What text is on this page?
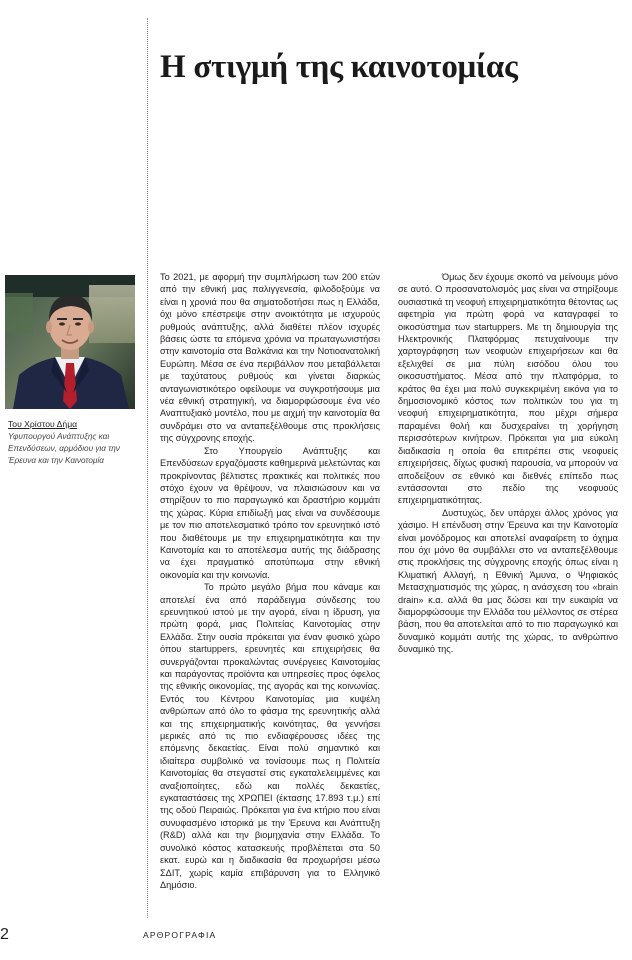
Η στιγμή της καινοτομίας
Του Χρίστου Δήμα
Υφυπουργού Ανάπτυξης και Επενδύσεων, αρμόδιου για την Έρευνα και την Καινοτομία

Το 2021, με αφορμή την συμπλήρωση των 200 ετών από την εθνική μας παλιγγενεσία, φιλοδοξούμε να είναι η χρονιά που θα σηματοδοτήσει πως η Ελλάδα, όχι μόνο επέστρεψε στην ανοικτότητα με ισχυρούς ρυθμούς ανάπτυξης, αλλά διαθέτει πλέον ισχυρές βάσεις ώστε τα επόμενα χρόνια να πρωταγωνιστήσει στην καινοτομία στα Βαλκάνια και την Νοτιοανατολική Ευρώπη. Μέσα σε ένα περιβάλλον που μεταβάλλεται με ταχύτατους ρυθμούς και γίνεται διαρκώς ανταγωνιστικότερο οφείλουμε να συγκροτήσουμε μια νέα εθνική στρατηγική, να διαμορφώσουμε ένα νέο Αναπτυξιακό μοντέλο, που με αιχμή την καινοτομία θα συνδράμει στο να ανταπεξέλθουμε στις προκλήσεις της σύγχρονης εποχής.

Στο Υπουργείο Ανάπτυξης και Επενδύσεων εργαζόμαστε καθημερινά μελετώντας και προκρίνοντας βέλτιστες πρακτικές και πολιτικές που στόχο έχουν να θρέψουν, να πλαισιώσουν και να στηρίξουν το πιο παραγωγικό και δραστήριο κομμάτι της χώρας. Κύρια επιδίωξή μας είναι να συνδέσουμε με τον πιο αποτελεσματικό τρόπο τον ερευνητικό ιστό που διαθέτουμε με την επιχειρηματικότητα και την Καινοτομία και το αποτέλεσμα αυτής της διάδρασης να έχει πραγματικό αποτύπωμα στην εθνική οικονομία και την κοινωνία.

Το πρώτο μεγάλο βήμα που κάναμε και αποτελεί ένα από παράδειγμα σύνδεσης του ερευνητικού ιστού με την αγορά, είναι η ίδρυση, για πρώτη φορά, μιας Πολιτείας Καινοτομίας στην Ελλάδα. Στην ουσία πρόκειται για έναν φυσικό χώρο όπου startuppers, ερευνητές και επιχειρήσεις θα συνεργάζονται προκαλώντας συνέργειες Καινοτομίας και παράγοντας προϊόντα και υπηρεσίες προς όφελος της εθνικής οικονομίας, της αγοράς και της κοινωνίας. Εντός του Κέντρου Καινοτομίας μια κυψέλη ανθρώπων από όλο το φάσμα της ερευνητικής αλλά και της επιχειρηματικής κοινότητας, θα γεννήσει μερικές από τις πιο ενδιαφέρουσες ιδέες της επόμενης δεκαετίας. Είναι πολύ σημαντικό και ιδιαίτερα συμβολικό να τονίσουμε πως η Πολιτεία Καινοτομίας θα στεγαστεί στις εγκαταλελειμμένες και αναξιοποίητες, εδώ και πολλές δεκαετίες, εγκαταστάσεις της ΧΡΩΠΕΙ (έκτασης 17.893 τ.μ.) επί της οδού Πειραιώς. Πρόκειται για ένα κτήριο που είναι συνυφασμένο ιστορικά με την Έρευνα και Ανάπτυξη (R&D) αλλά και την βιομηχανία στην Ελλάδα. Το συνολικό κόστος κατασκευής προβλέπεται στα 50 εκατ. ευρώ και η διαδικασία θα προχωρήσει μέσω ΣΔΙΤ, χωρίς καμία επιβάρυνση για το Ελληνικό Δημόσιο.

Όμως δεν έχουμε σκοπό να μείνουμε μόνο σε αυτό. Ο προσανατολισμός μας είναι να στηρίξουμε ουσιαστικά τη νεοφυή επιχειρηματικότητα θέτοντας ως αφετηρία για πρώτη φορά να καταγραφεί το οικοσύστημα των startuppers. Με τη δημιουργία της Ηλεκτρονικής Πλατφόρμας πετυχαίνουμε την χαρτογράφηση των νεοφυών επιχειρήσεων και θα εξελιχθεί σε μια πύλη εισόδου όλου του οικοσυστήματος. Μέσα από την πλατφόρμα, το κράτος θα έχει μια πολύ συγκεκριμένη εικόνα για το δημοσιονομικό κόστος των πολιτικών του για τη νεοφυή επιχειρηματικότητα, που μέχρι σήμερα παραμένει θολή και δυσχεραίνει τη χορήγηση περισσότερων κινήτρων. Πρόκειται για μια εύκολη διαδικασία η οποία θα επιτρέπει στις νεοφυείς επιχειρήσεις, δίχως φυσική παρουσία, να μπορούν να αποδείξουν σε εθνικό και διεθνές επίπεδο πως εντάσσονται στο πεδίο της νεοφυούς επιχειρηματικότητας.

Δυστυχώς, δεν υπάρχει άλλος χρόνος για χάσιμο. Η επένδυση στην Έρευνα και την Καινοτομία είναι μονόδρομος και αποτελεί αναφαίρετη το όχημα που όχι μόνο θα συμβάλλει στο να ανταπεξέλθουμε στις προκλήσεις της σύγχρονης εποχής όπως είναι η Κλιματική Αλλαγή, η Εθνική Άμυνα, ο Ψηφιακός Μετασχηματισμός της χώρας, η ανάσχεση του «brain drain» κ.α. αλλά θα μας δώσει και την ευκαιρία να διαμορφώσουμε την Ελλάδα του μέλλοντος σε στέρεα βάση, που θα αποτελείται από το πιο παραγωγικό και δυναμικό κομμάτι αυτής της χώρας, το ανθρώπινο δυναμικό της.

2	ΑΡΘΡΟΓΡΑΦΙΑ
